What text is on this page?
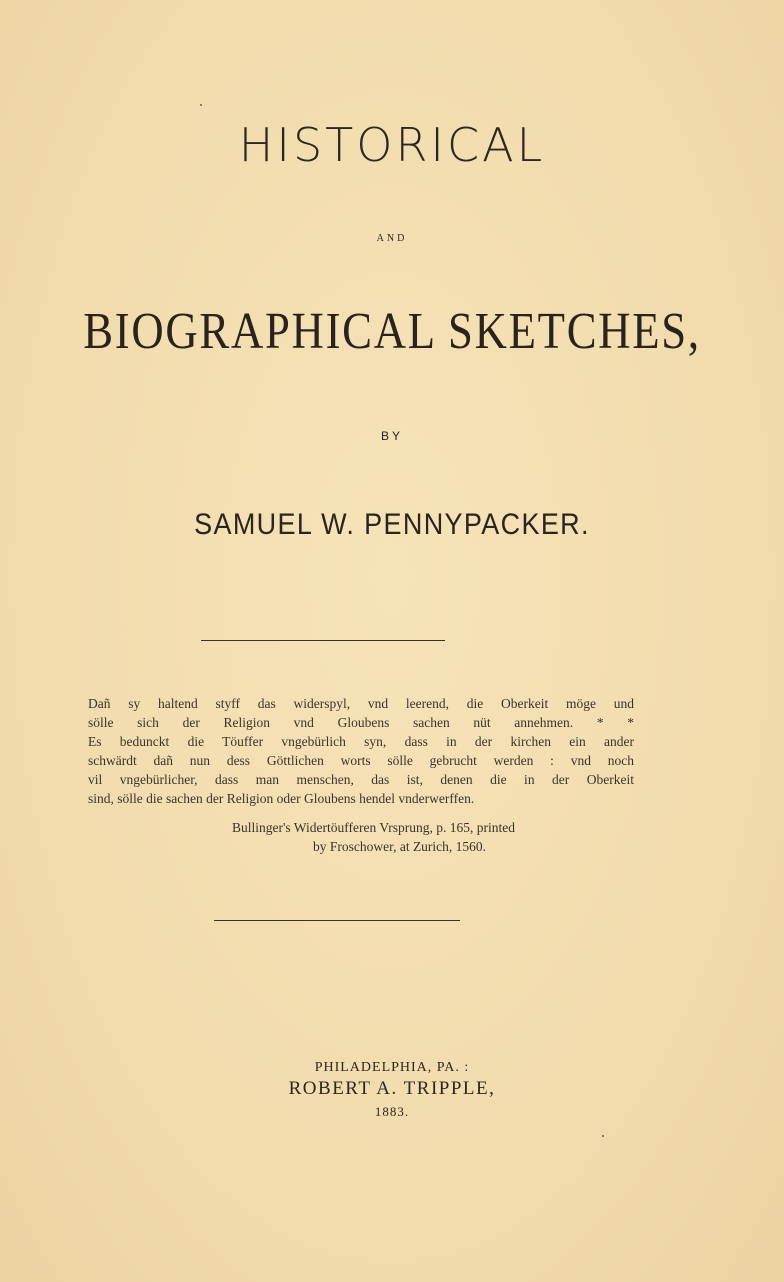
HISTORICAL
AND
BIOGRAPHICAL SKETCHES,
BY
SAMUEL W. PENNYPACKER.
Dañ sy haltend styff das widerspyl, vnd leerend, die Oberkeit möge und
sölle sich der Religion vnd Gloubens sachen nüt annehmen. * *
Es bedunckt die Töuffer vngebürlich syn, dass in der kirchen ein ander
schwärdt dañ nun dess Göttlichen worts sölle gebrucht werden : vnd noch
vil vngebürlicher, dass man menschen, das ist, denen die in der Oberkeit
sind, sölle die sachen der Religion oder Gloubens hendel vnderwerffen.
Bullinger's Widertöufferen Vrsprung, p. 165, printed
by Froschower, at Zurich, 1560.
PHILADELPHIA, PA. :
ROBERT A. TRIPPLE,
1883.
